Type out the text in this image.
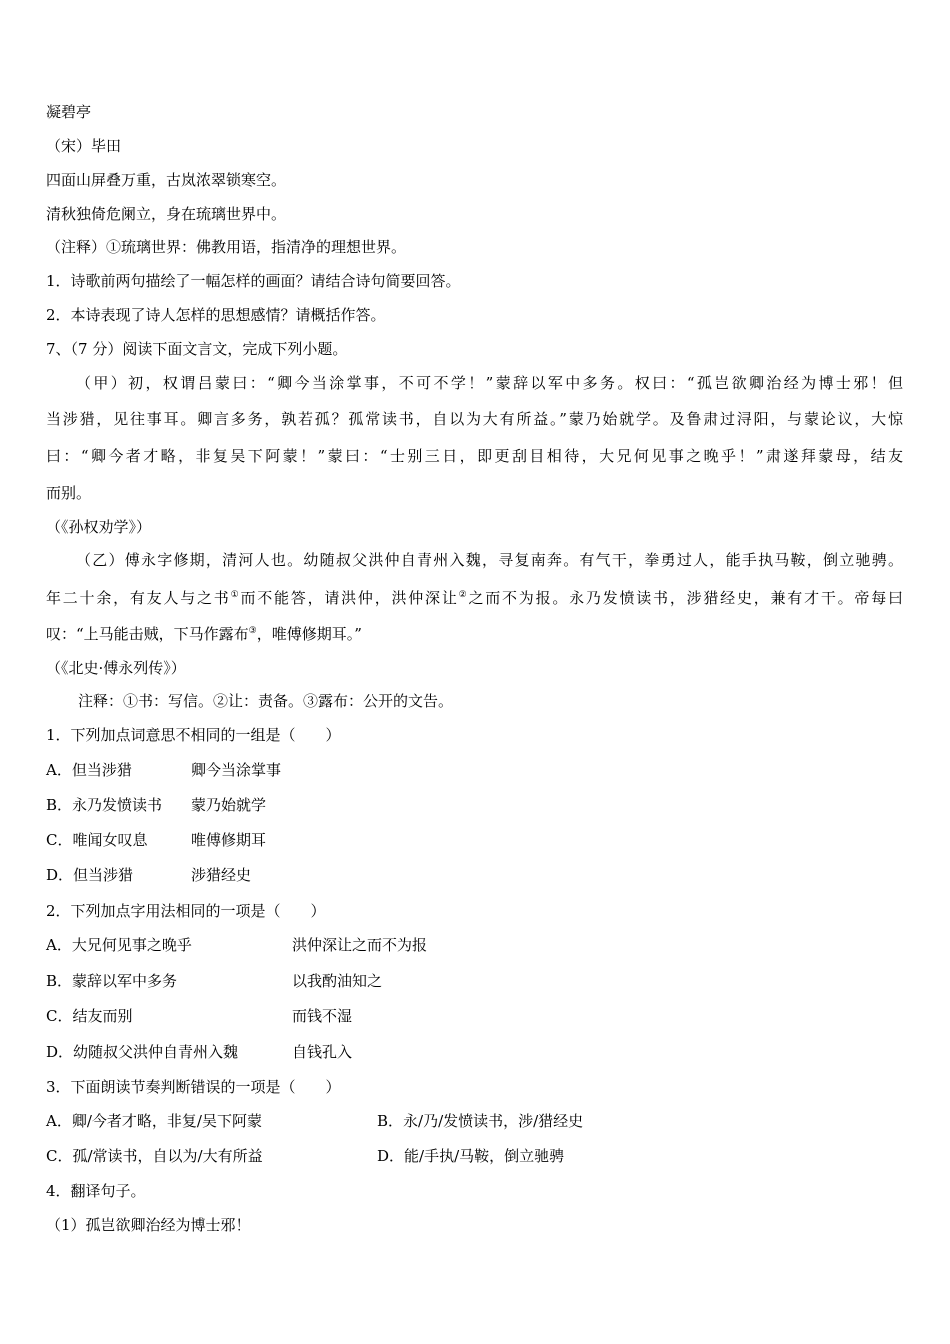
凝碧亭
（宋）毕田
四面山屏叠万重，古岚浓翠锁寒空。
清秋独倚危阑立，身在琉璃世界中。
（注释）①琉璃世界：佛教用语，指清净的理想世界。
1．诗歌前两句描绘了一幅怎样的画面？请结合诗句简要回答。
2．本诗表现了诗人怎样的思想感情？请概括作答。
7、（7 分）阅读下面文言文，完成下列小题。
（甲）初，权谓吕蒙曰：“卿今当涂掌事，不可不学！”蒙辞以军中多务。权曰：“孤岂欲卿治经为博士邪！但
当涉猎，见往事耳。卿言多务，孰若孤？孤常读书，自以为大有所益。”蒙乃始就学。及鲁肃过浔阳，与蒙论议，大惊
曰：“卿今者才略，非复吴下阿蒙！”蒙曰：“士别三日，即更刮目相待，大兄何见事之晚乎！”肃遂拜蒙母，结友
而别。
（《孙权劝学》）
（乙）傅永字修期，清河人也。幼随叔父洪仲自青州入魏，寻复南奔。有气干，拳勇过人，能手执马鞍，倒立驰骋。
年二十余，有友人与之书①而不能答，请洪仲，洪仲深让②之而不为报。永乃发愤读书，涉猎经史，兼有才干。帝每曰
叹：“上马能击贼，下马作露布③，唯傅修期耳。”
（《北史·傅永列传》）
注释：①书：写信。②让：责备。③露布：公开的文告。
1．下列加点词意思不相同的一组是（　　）
A．但当涉猎	卿今当涂掌事
B．永乃发愤读书 蒙乃始就学
C．唯闻女叹息	唯傅修期耳
D．但当涉猎	涉猎经史
2．下列加点字用法相同的一项是（　　）
A．大兄何见事之晚乎	洪仲深让之而不为报
B．蒙辞以军中多务	以我酌油知之
C．结友而别	而钱不湿
D．幼随叔父洪仲自青州入魏	自钱孔入
3．下面朗读节奏判断错误的一项是（　　）
A．卿/今者才略，非复/吴下阿蒙	B．永/乃/发愤读书，涉/猎经史
C．孤/常读书，自以为/大有所益	D．能/手执/马鞍，倒立驰骋
4．翻译句子。
（1）孤岂欲卿治经为博士邪！
